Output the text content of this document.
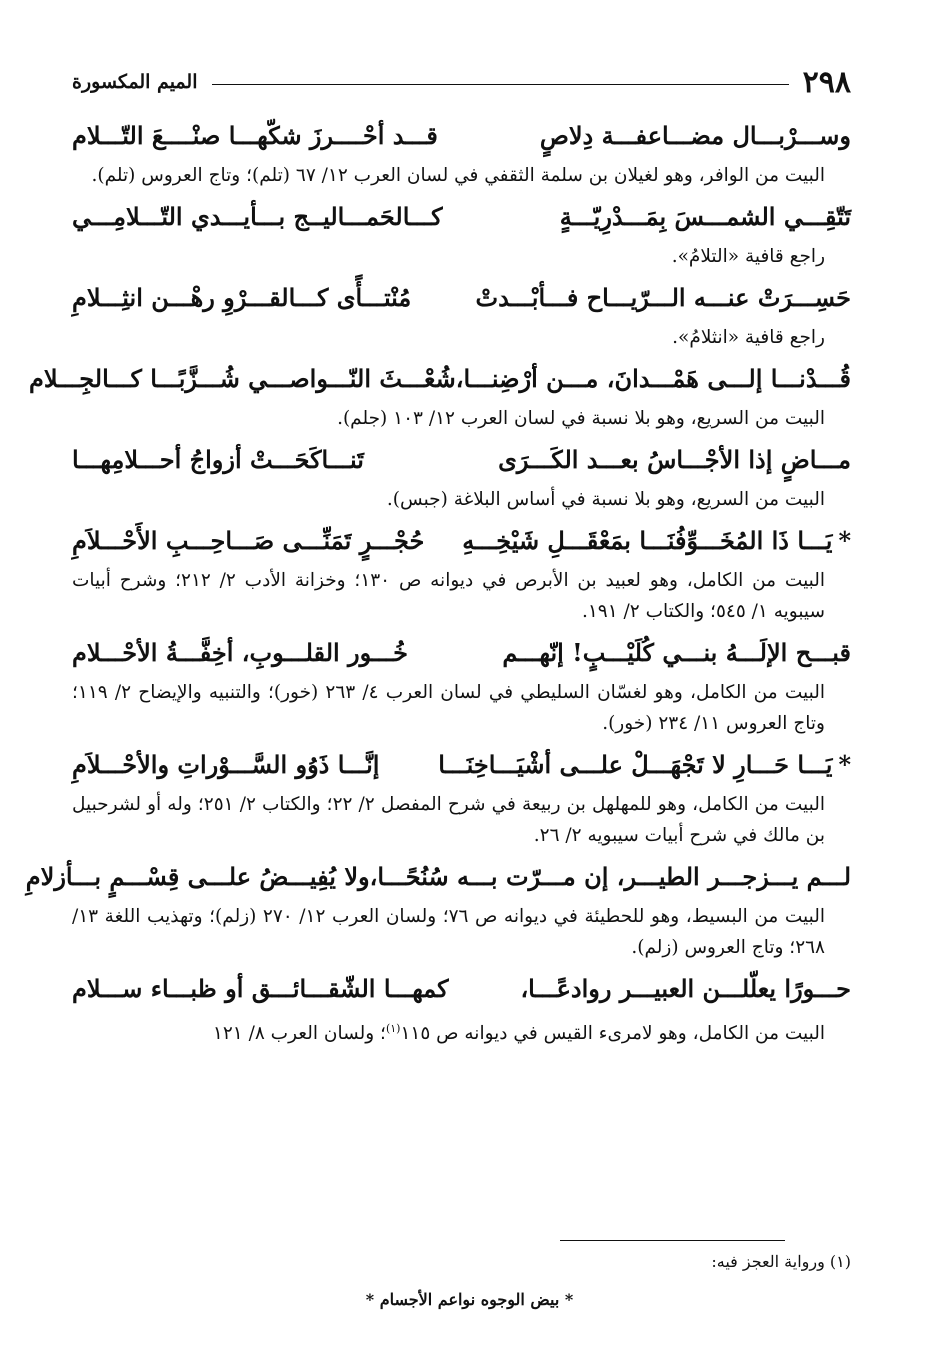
٢٩٨
الميم المكسورة
وســـرْبـــال مضـــاعفـــة دِلاصٍ
قـــد أحْــــرزَ شكّهـــا صنْــــعَ التّـــلام
البيت من الوافر، وهو لغيلان بن سلمة الثقفي في لسان العرب ١٢/ ٦٧ (تلم)؛ وتاج العروس (تلم).
تَتّقِـــي الشمـــسَ بِمَـــدْرِيّـــةٍ
كـــالحَمـــاليــج بـــأيـــدي التّـــلامِـــي
راجع قافية «التلامُ».
حَسِـــرَتْ عنـــه الـــرّيـــاح فـــأبْـــدتْ
مُنْتـــأًى كـــالقـــرْوِ رهْـــن انثِـــلامِ
راجع قافية «انثلامُ».
قُـــدْنـــا إلـــى هَمْـــدانَ، مـــن أرْضِنـــا،
شُعْـــثَ النّـــواصـــي شُـــزَّبًـــا كـــالجِـــلام
البيت من السريع، وهو بلا نسبة في لسان العرب ١٢/ ١٠٣ (جلم).
مـــاضٍ إذا الأجْـــاسُ بعـــد الكَـــرَى
تَنـــاكَحَـــتْ أزواجُ أحـــلامِهـــا
البيت من السريع، وهو بلا نسبة في أساس البلاغة (جبس).
*يَـــا ذَا المُخَـــوِّفُنَـــا بمَعْقَـــلِ شَيْخِـــهِ
حُجْـــرٍ تَمَنِّـــى صَـــاحِـــبِ الأَحْـــلاَمِ
البيت من الكامل، وهو لعبيد بن الأبرص في ديوانه ص ١٣٠؛ وخزانة الأدب ٢/ ٢١٢؛ وشرح أبيات سيبويه ١/ ٥٤٥؛ والكتاب ٢/ ١٩١.
قبـــح الإلَـــهُ بنـــي كُلَيْـــبٍ! إنّهـــم
خُـــور القلـــوبِ، أخِفَّـــةُ الأحْـــلام
البيت من الكامل، وهو لغسّان السليطي في لسان العرب ٤/ ٢٦٣ (خور)؛ والتنبيه والإيضاح ٢/ ١١٩؛ وتاج العروس ١١/ ٢٣٤ (خور).
*يَـــا حَـــارِ لا تَجْهَـــلْ علـــى أشْيَـــاخِنَـــا
إنَّـــا ذَوُو السَّـــوْراتِ والأحْـــلاَمِ
البيت من الكامل، وهو للمهلهل بن ربيعة في شرح المفصل ٢/ ٢٢؛ والكتاب ٢/ ٢٥١؛ وله أو لشرحبيل بن مالك في شرح أبيات سيبويه ٢/ ٢٦.
لـــم يـــزجـــر الطيـــر، إن مـــرّت بـــه سُنُحًـــا،
ولا يُفِيـــضُ علـــى قِسْـــمٍ بـــأزلامِ
البيت من البسيط، وهو للحطيئة في ديوانه ص ٧٦؛ ولسان العرب ١٢/ ٢٧٠ (زلم)؛ وتهذيب اللغة ١٣/ ٢٦٨؛ وتاج العروس (زلم).
حـــورًا يعلّلـــن العبيـــر روادعًـــا،
كمهـــا الشّقـــائـــق أو ظبـــاء ســـلام
البيت من الكامل، وهو لامرىء القيس في ديوانه ص ١١٥$^{(١)}$؛ ولسان العرب ٨/ ١٢١
(١) ورواية العجز فيه:
* بيض الوجوه نواعم الأجسام *
